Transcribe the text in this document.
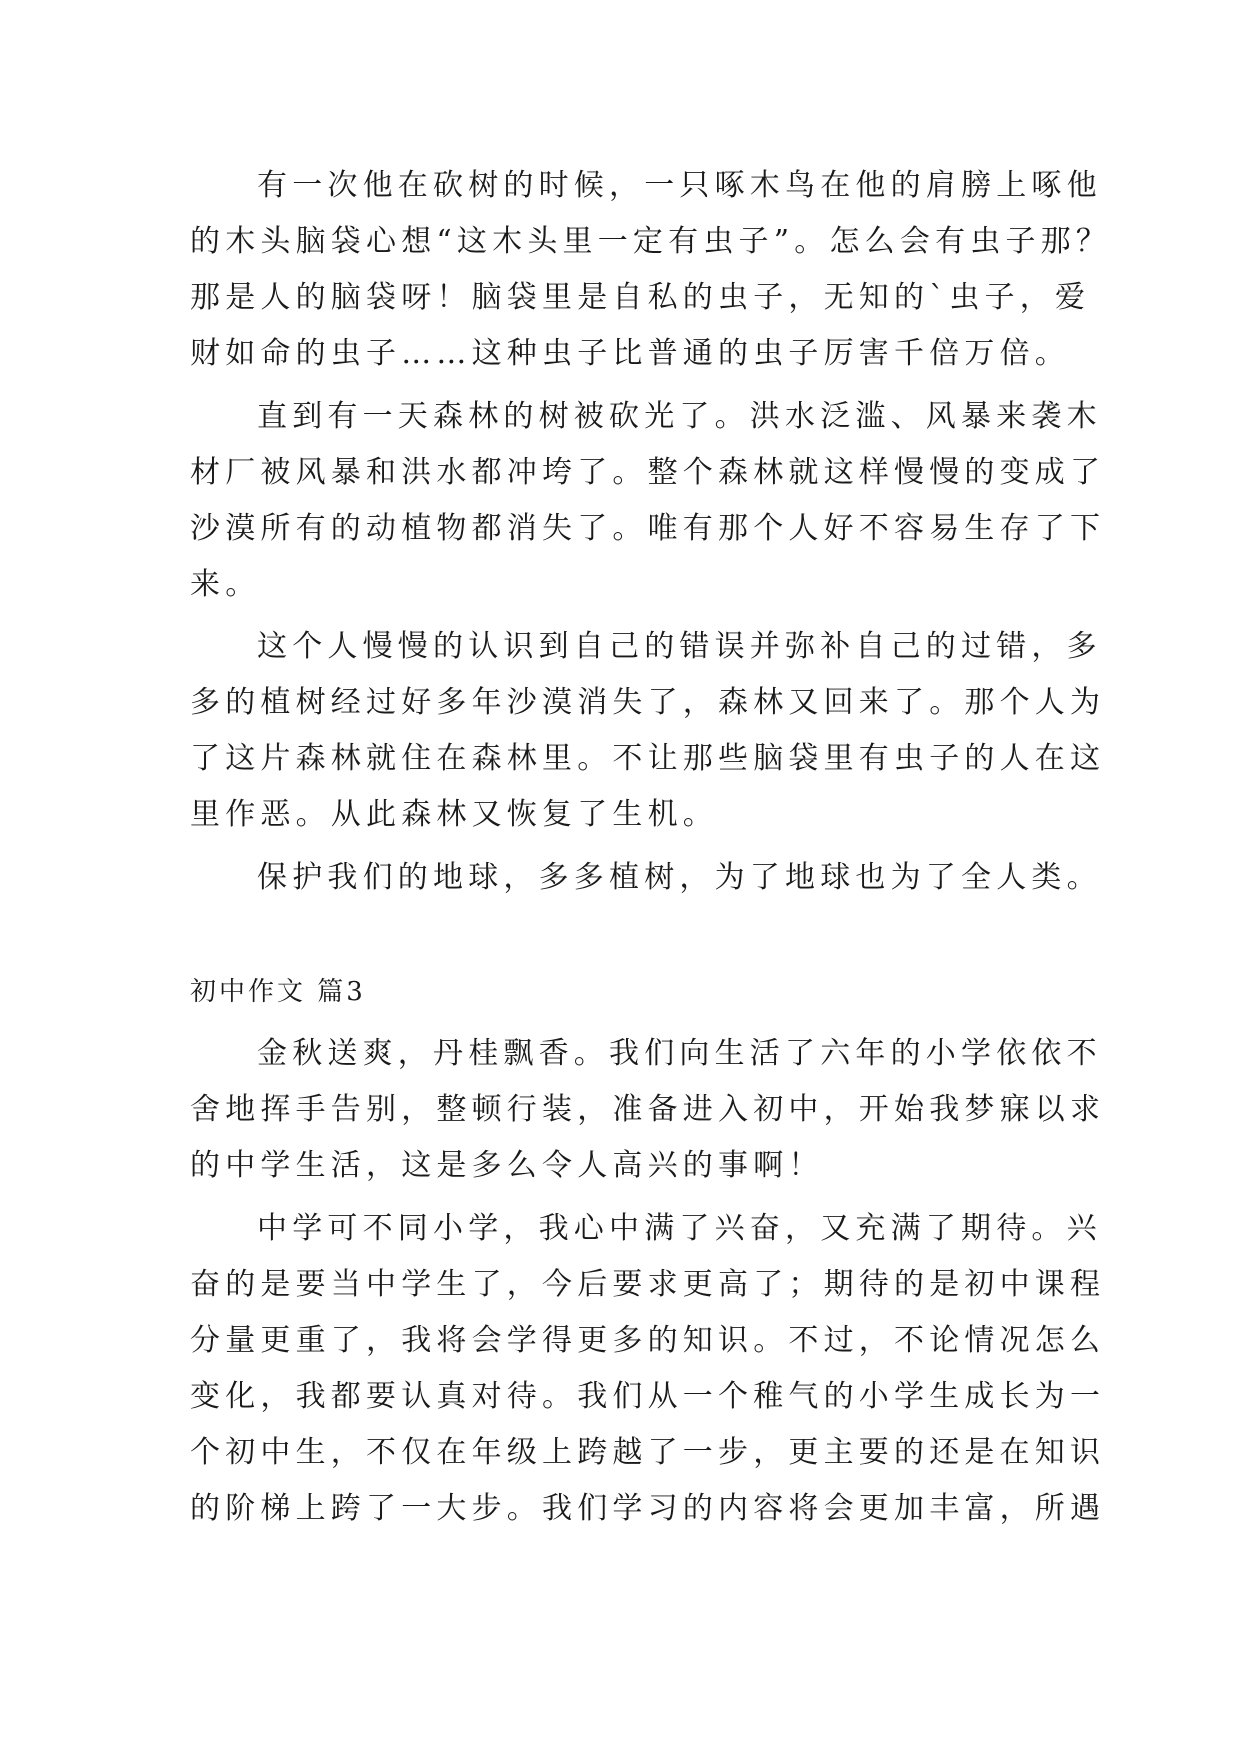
有一次他在砍树的时候，一只啄木鸟在他的肩膀上啄他
的木头脑袋心想“这木头里一定有虫子”。怎么会有虫子那？
那是人的脑袋呀！脑袋里是自私的虫子，无知的`虫子，爱
财如命的虫子……这种虫子比普通的虫子厉害千倍万倍。
直到有一天森林的树被砍光了。洪水泛滥、风暴来袭木
材厂被风暴和洪水都冲垮了。整个森林就这样慢慢的变成了
沙漠所有的动植物都消失了。唯有那个人好不容易生存了下
来。
这个人慢慢的认识到自己的错误并弥补自己的过错，多
多的植树经过好多年沙漠消失了，森林又回来了。那个人为
了这片森林就住在森林里。不让那些脑袋里有虫子的人在这
里作恶。从此森林又恢复了生机。
保护我们的地球，多多植树，为了地球也为了全人类。
初中作文 篇3
金秋送爽，丹桂飘香。我们向生活了六年的小学依依不
舍地挥手告别，整顿行装，准备进入初中，开始我梦寐以求
的中学生活，这是多么令人高兴的事啊！
中学可不同小学，我心中满了兴奋，又充满了期待。兴
奋的是要当中学生了，今后要求更高了；期待的是初中课程
分量更重了，我将会学得更多的知识。不过，不论情况怎么
变化，我都要认真对待。我们从一个稚气的小学生成长为一
个初中生，不仅在年级上跨越了一步，更主要的还是在知识
的阶梯上跨了一大步。我们学习的内容将会更加丰富，所遇
